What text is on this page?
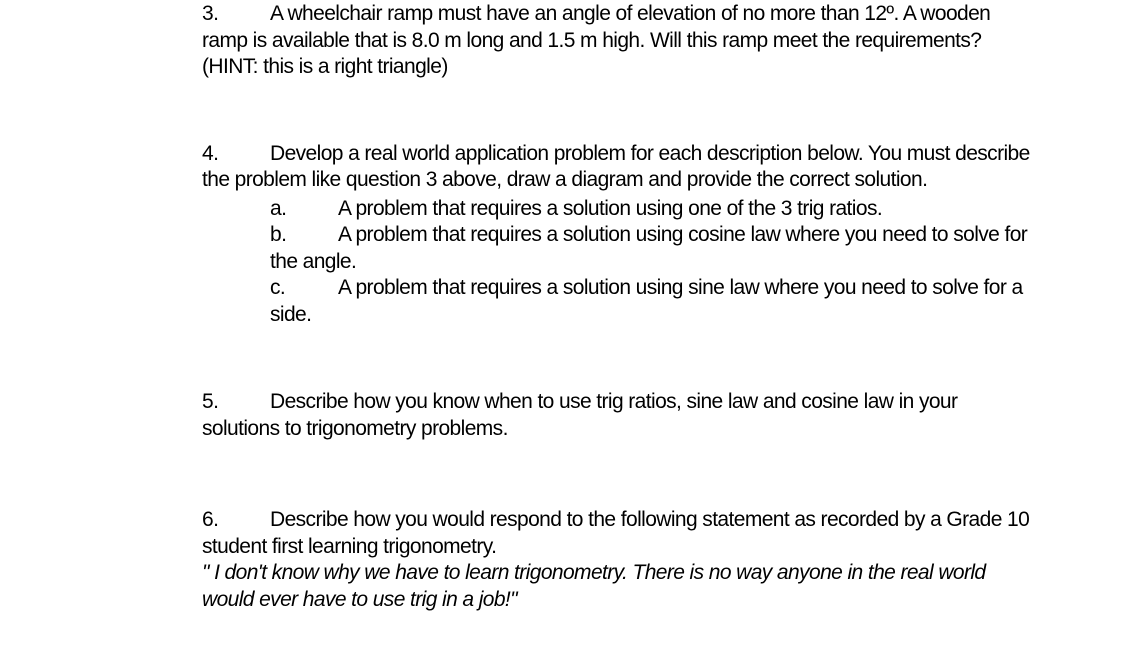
3. A wheelchair ramp must have an angle of elevation of no more than 12º. A wooden ramp is available that is 8.0 m long and 1.5 m high. Will this ramp meet the requirements? (HINT: this is a right triangle)
4. Develop a real world application problem for each description below. You must describe the problem like question 3 above, draw a diagram and provide the correct solution.
a. A problem that requires a solution using one of the 3 trig ratios.
b. A problem that requires a solution using cosine law where you need to solve for the angle.
c.	A problem that requires a solution using sine law where you need to solve for a side.
5. Describe how you know when to use trig ratios, sine law and cosine law in your solutions to trigonometry problems.
6. Describe how you would respond to the following statement as recorded by a Grade 10 student first learning trigonometry.
" I don't know why we have to learn trigonometry. There is no way anyone in the real world would ever have to use trig in a job!"
